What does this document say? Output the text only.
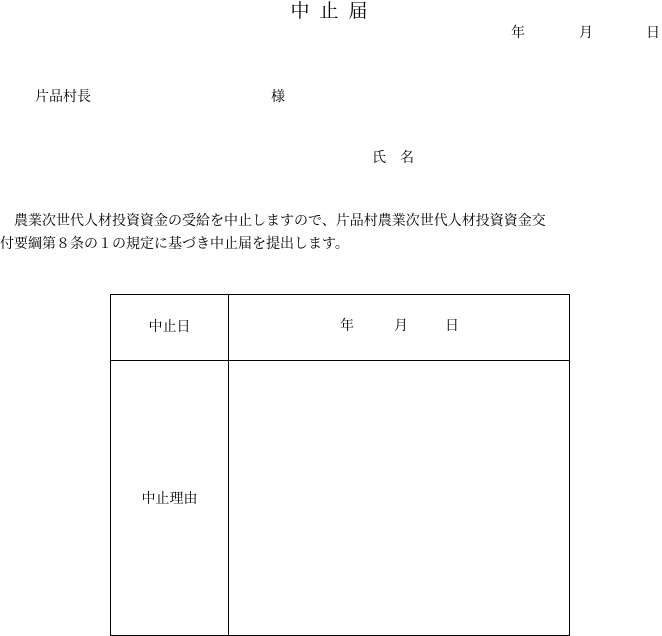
中止届
年	月	日
片品村長	様
氏　名
　農業次世代人材投資資金の受給を中止しますので、片品村農業次世代人材投資資金交
付要綱第８条の１の規定に基づき中止届を提出します。
中止日	年	月	日
中止理由
